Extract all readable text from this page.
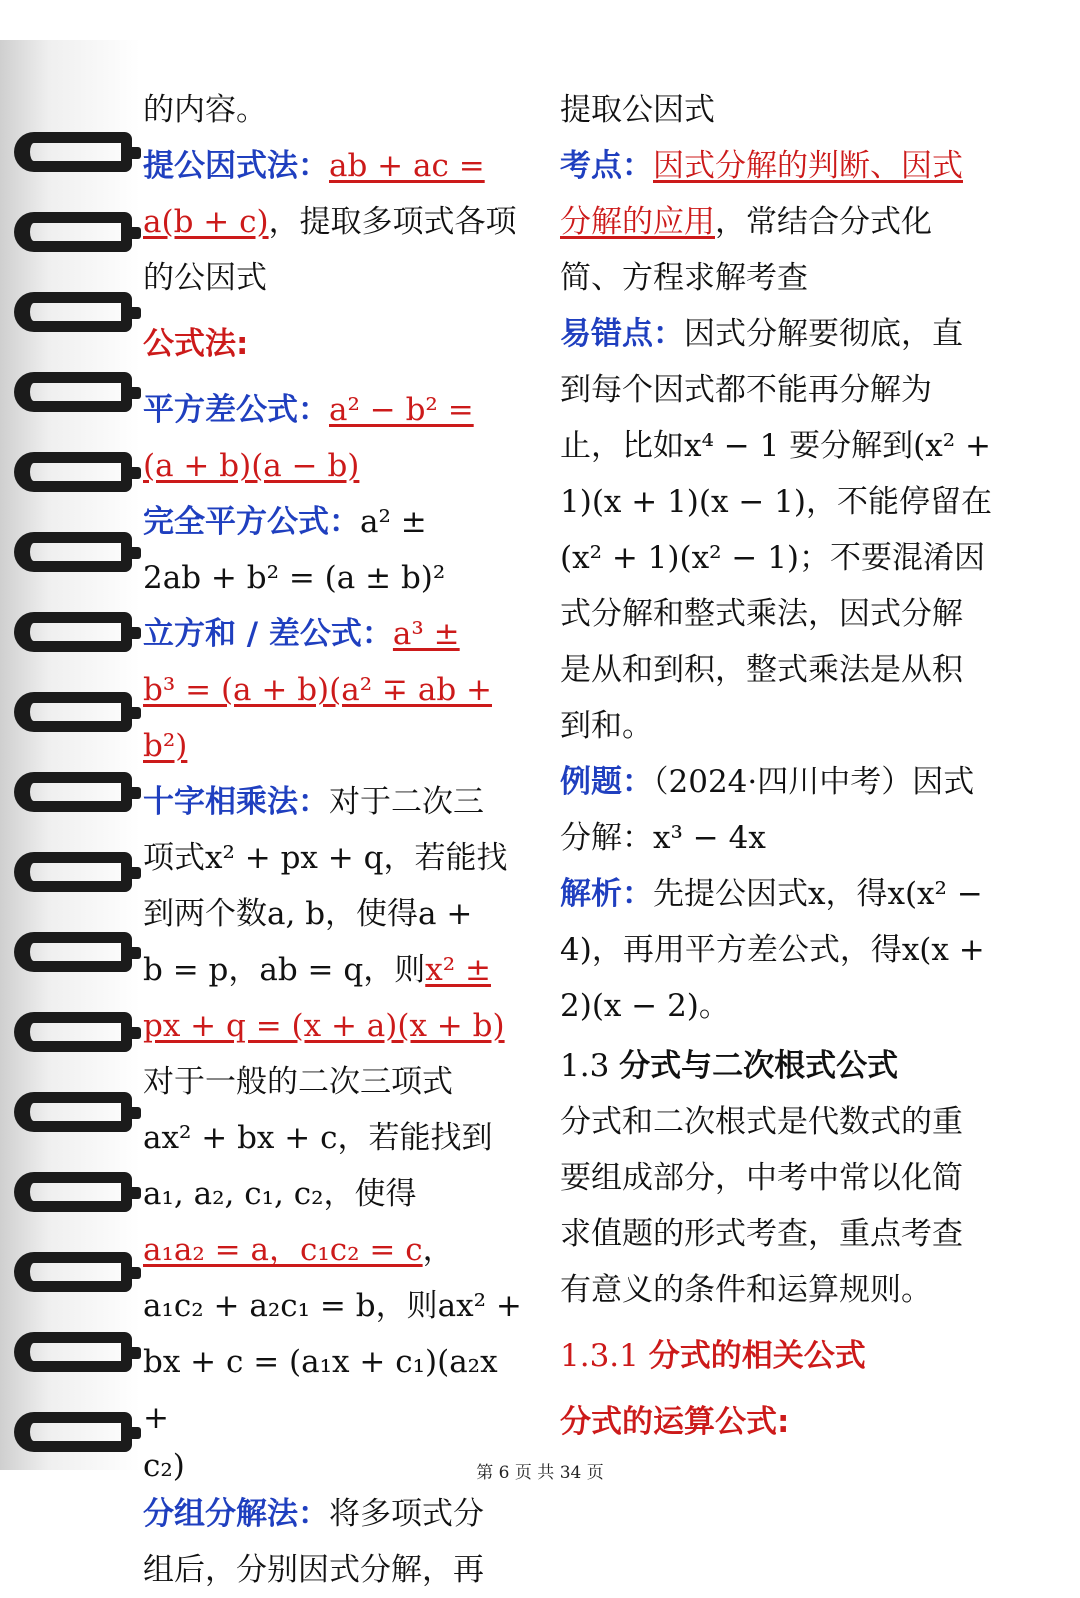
的内容。
提公因式法：ab + ac =
a(b + c)，提取多项式各项
的公因式
公式法:
平方差公式：a² − b² =
(a + b)(a − b)
完全平方公式：a² ±
2ab + b² = (a ± b)²
立方和 / 差公式：a³ ±
b³ = (a + b)(a² ∓ ab + b²)
十字相乘法：对于二次三
项式x² + px + q，若能找
到两个数a, b，使得a +
b = p，ab = q，则x² ±
px + q = (x + a)(x + b)
对于一般的二次三项式
ax² + bx + c，若能找到
a₁, a₂, c₁, c₂，使得
a₁a₂ = a，c₁c₂ = c，
a₁c₂ + a₂c₁ = b，则ax² +
bx + c = (a₁x + c₁)(a₂x +
c₂)
分组分解法：将多项式分
组后，分别因式分解，再
提取公因式
考点：因式分解的判断、因式
分解的应用，常结合分式化
简、方程求解考查
易错点：因式分解要彻底，直
到每个因式都不能再分解为
止，比如x⁴ − 1 要分解到(x² +
1)(x + 1)(x − 1)，不能停留在
(x² + 1)(x² − 1)；不要混淆因
式分解和整式乘法，因式分解
是从和到积，整式乘法是从积
到和。
例题：（2024·四川中考）因式
分解：x³ − 4x
解析：先提公因式x，得x(x² −
4)，再用平方差公式，得x(x +
2)(x − 2)。
1.3 分式与二次根式公式
分式和二次根式是代数式的重
要组成部分，中考中常以化简
求值题的形式考查，重点考查
有意义的条件和运算规则。
1.3.1 分式的相关公式
分式的运算公式:
第 6 页 共 34 页
